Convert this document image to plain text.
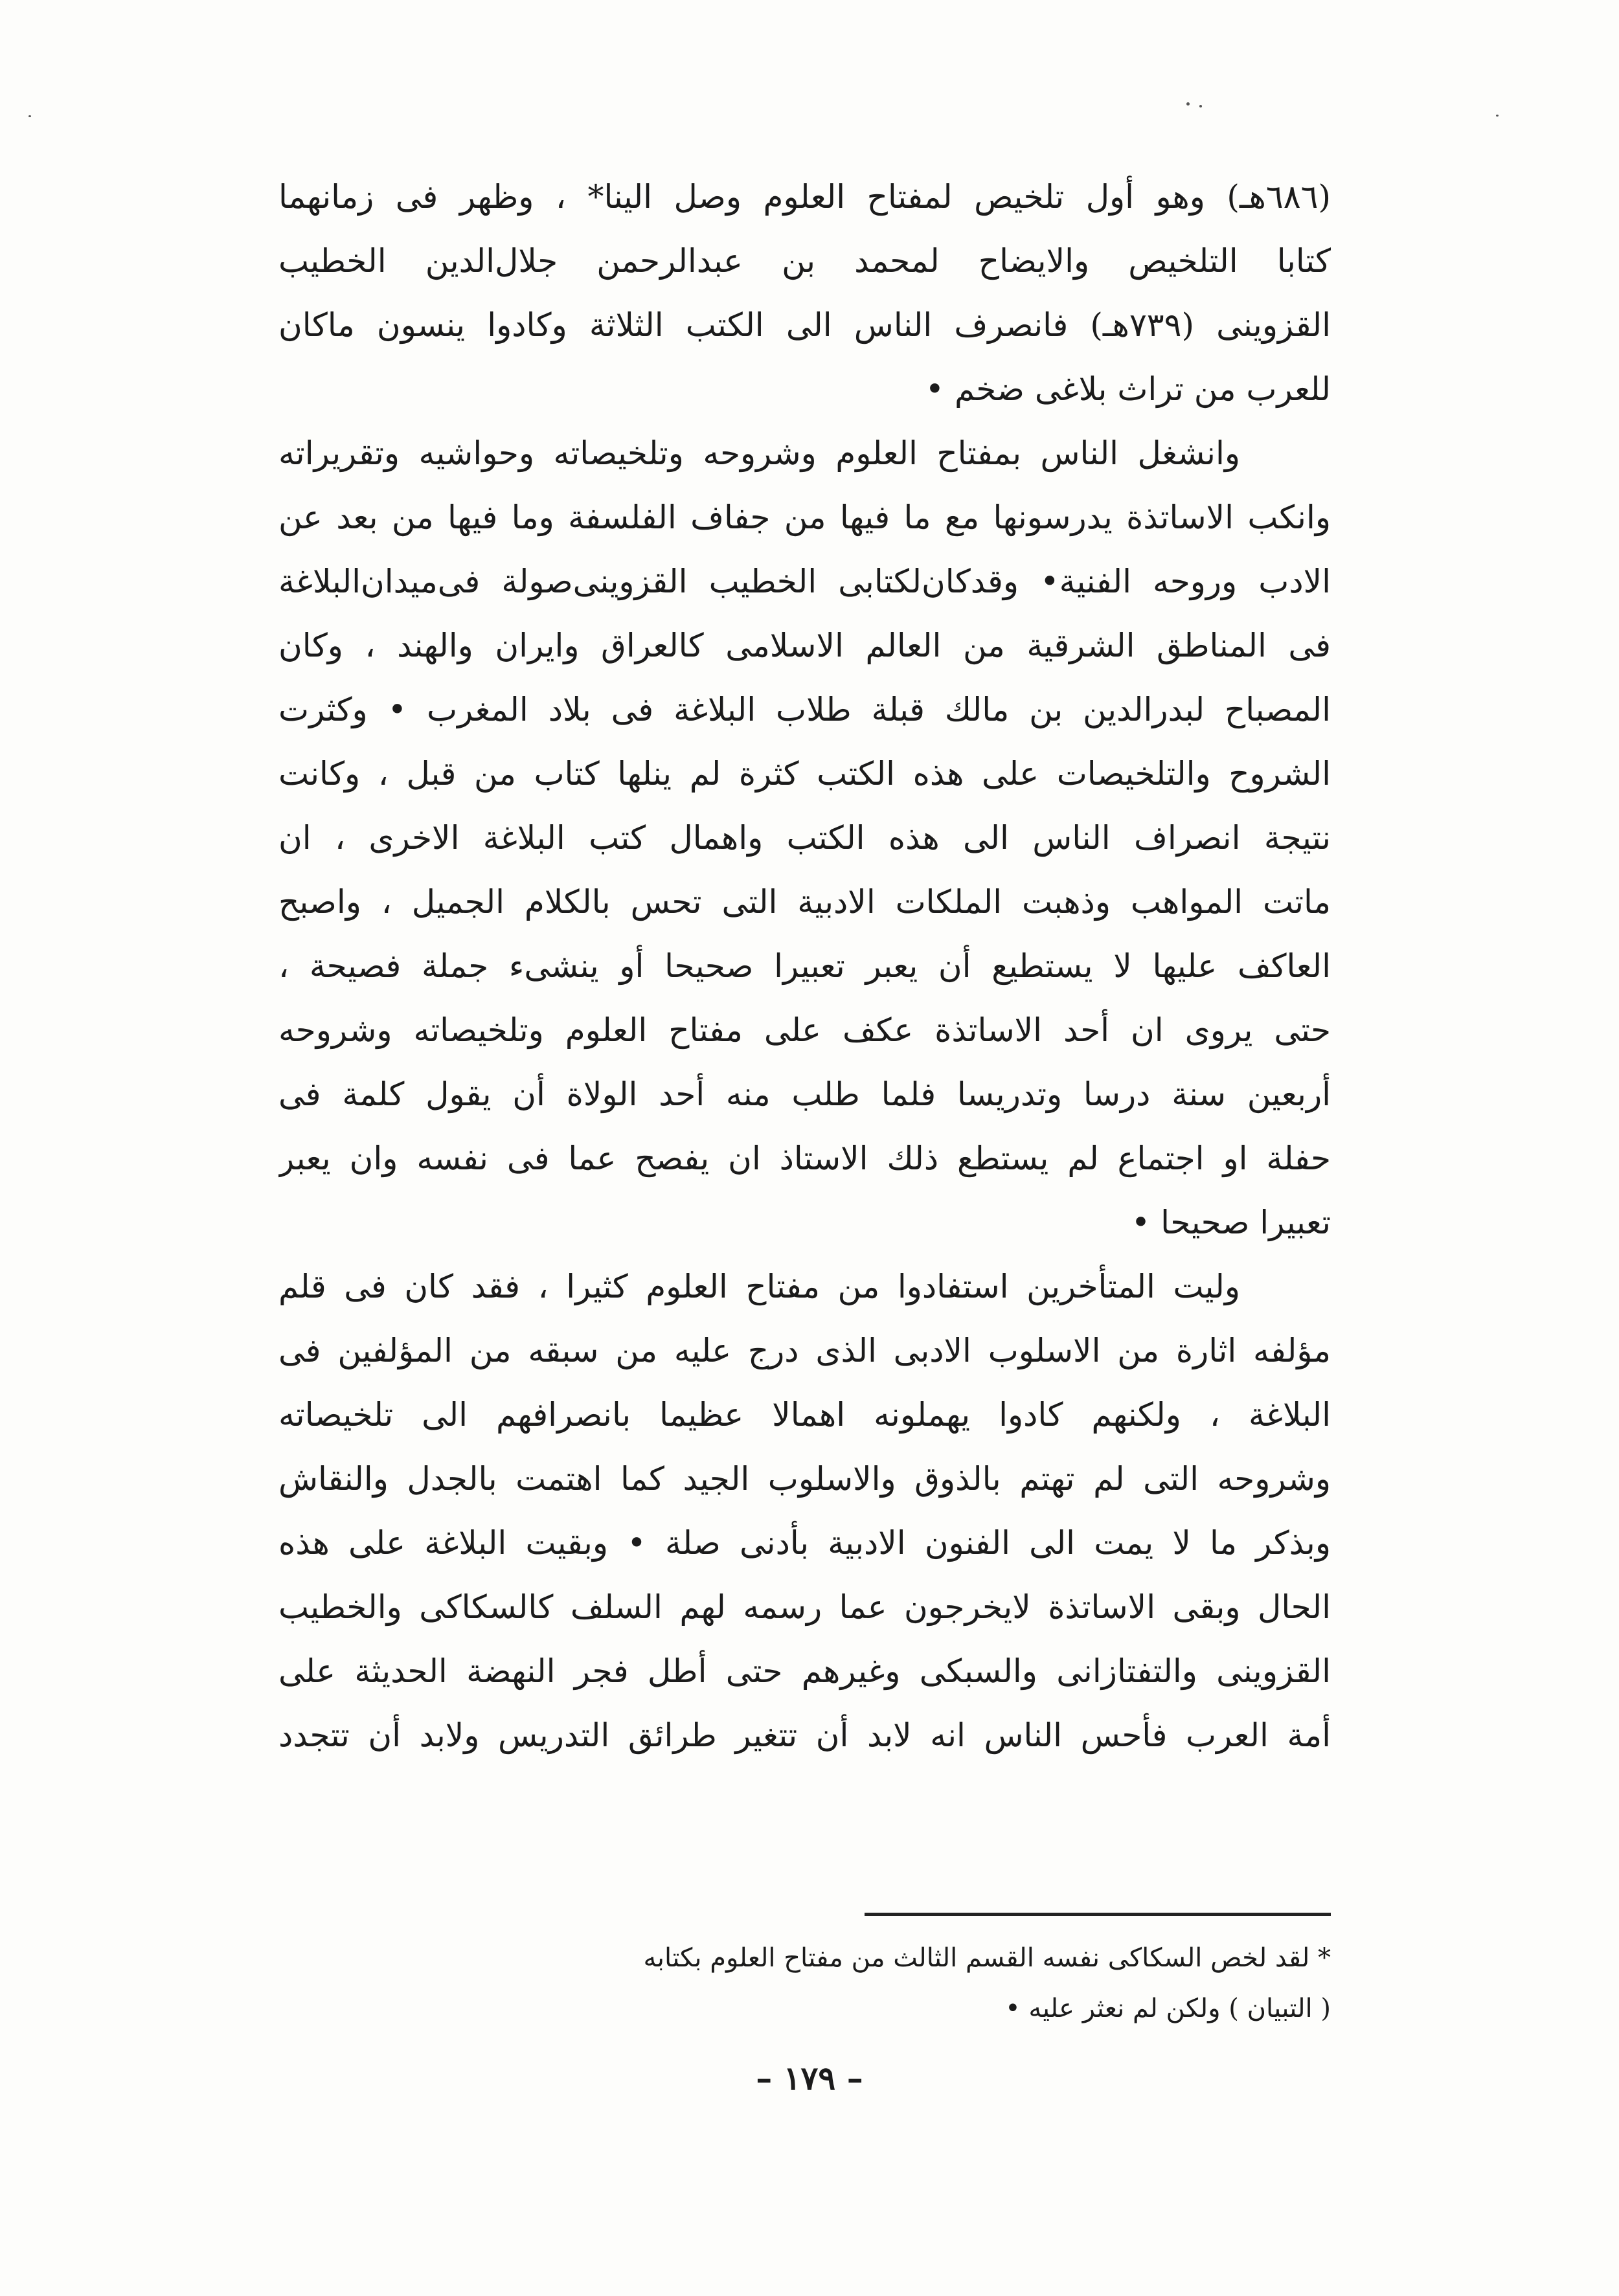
(٦٨٦هـ) وهو أول تلخيص لمفتاح العلوم وصل الينا* ، وظهر فى زمانهما
كتابا التلخيص والايضاح لمحمد بن عبدالرحمن جلال‌الدين الخطيب
القزوينى (٧٣٩هـ) فانصرف الناس الى الكتب الثلاثة وكادوا ينسون ماكان
للعرب من تراث بلاغى ضخم •
وانشغل الناس بمفتاح العلوم وشروحه وتلخيصاته وحواشيه وتقريراته
وانكب الاساتذة يدرسونها مع ما فيها من جفاف الفلسفة وما فيها من بعد عن
الادب وروحه الفنية• وقدكان‌لكتابى الخطيب القزوينى‌صولة فى‌ميدان‌البلاغة
فى المناطق الشرقية من العالم الاسلامى كالعراق وايران والهند ، وكان
المصباح لبدرالدين بن مالك قبلة طلاب البلاغة فى بلاد المغرب • وكثرت
الشروح والتلخيصات على هذه الكتب كثرة لم ينلها كتاب من قبل ، وكانت
نتيجة انصراف الناس الى هذه الكتب واهمال كتب البلاغة الاخرى ، ان
ماتت المواهب وذهبت الملكات الادبية التى تحس بالكلام الجميل ، واصبح
العاكف عليها لا يستطيع أن يعبر تعبيرا صحيحا أو ينشىء جملة فصيحة ،
حتى يروى ان أحد الاساتذة عكف على مفتاح العلوم وتلخيصاته وشروحه
أربعين سنة درسا وتدريسا فلما طلب منه أحد الولاة أن يقول كلمة فى
حفلة او اجتماع لم يستطع ذلك الاستاذ ان يفصح عما فى نفسه وان يعبر
تعبيرا صحيحا •
وليت المتأخرين استفادوا من مفتاح العلوم كثيرا ، فقد كان فى قلم
مؤلفه اثارة من الاسلوب الادبى الذى درج عليه من سبقه من المؤلفين فى
البلاغة ، ولكنهم كادوا يهملونه اهمالا عظيما بانصرافهم الى تلخيصاته
وشروحه التى لم تهتم بالذوق والاسلوب الجيد كما اهتمت بالجدل والنقاش
وبذكر ما لا يمت الى الفنون الادبية بأدنى صلة • وبقيت البلاغة على هذه
الحال وبقى الاساتذة لايخرجون عما رسمه لهم السلف كالسكاكى والخطيب
القزوينى والتفتازانى والسبكى وغيرهم حتى أطل فجر النهضة الحديثة على
أمة العرب فأحس الناس انه لابد أن تتغير طرائق التدريس ولابد أن تتجدد
* لقد لخص السكاكى نفسه القسم الثالث من مفتاح العلوم بكتابه
( التبيان ) ولكن لم نعثر عليه •
– ١٧٩ –
